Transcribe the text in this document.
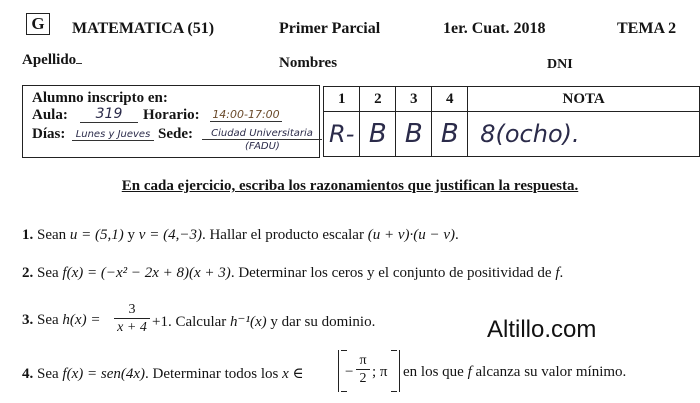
G	MATEMATICA (51)	Primer Parcial	1er. Cuat. 2018	TEMA 2
Apellido	Nombres	DNI
Alumno inscripto en:
Aula:	319	Horario: 14:00-17:00
Días:	Lunes y Jueves Sede:	Ciudad Universitaria
(FADU)
1	2	3	4	NOTA
R-	B	B	B	8(ocho).
En cada ejercicio, escriba los razonamientos que justifican la respuesta.
1. Sean u = (5,1) y v = (4,−3). Hallar el producto escalar (u + v)·(u − v).
2. Sea f(x) = (−x² − 2x + 8)(x + 3). Determinar los ceros y el conjunto de positividad de f.
3. Sea h(x) =
3
x + 4 +1. Calcular h⁻¹(x) y dar su dominio.
4. Sea f(x) = sen(4x). Determinar todos los x ∈	−
π
2 ; π en los que f alcanza su valor mínimo.
Altillo.com
